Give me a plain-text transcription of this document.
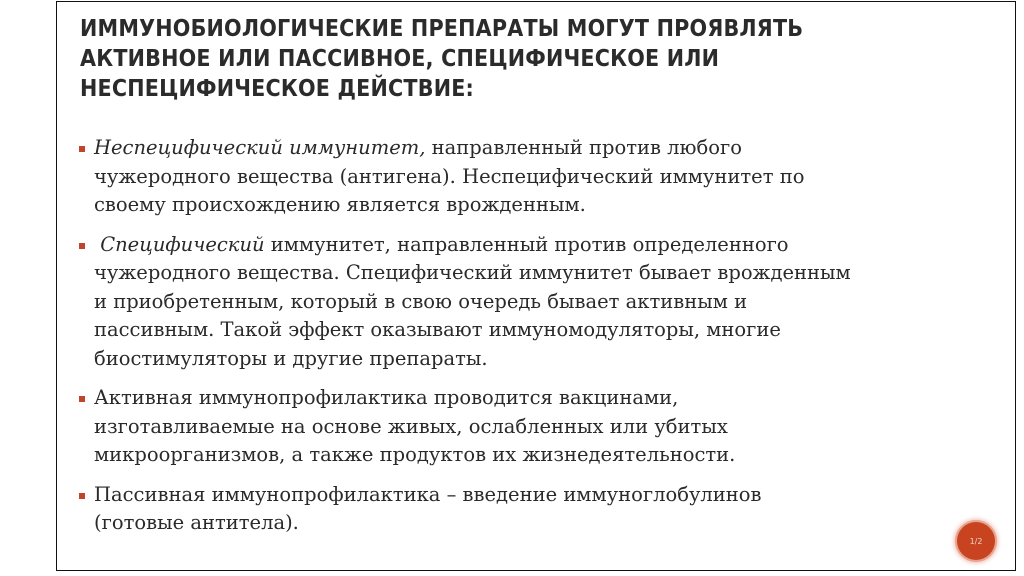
ИММУНОБИОЛОГИЧЕСКИЕ ПРЕПАРАТЫ МОГУТ ПРОЯВЛЯТЬ
АКТИВНОЕ ИЛИ ПАССИВНОЕ, СПЕЦИФИЧЕСКОЕ ИЛИ
НЕСПЕЦИФИЧЕСКОЕ ДЕЙСТВИЕ:
Неспецифический иммунитет, направленный против любого
чужеродного вещества (антигена). Неспецифический иммунитет по
своему происхождению является врожденным.
Специфический иммунитет, направленный против определенного
чужеродного вещества. Специфический иммунитет бывает врожденным
и приобретенным, который в свою очередь бывает активным и
пассивным. Такой эффект оказывают иммуномодуляторы, многие
биостимуляторы и другие препараты.
Активная иммунопрофилактика проводится вакцинами,
изготавливаемые на основе живых, ослабленных или убитых
микроорганизмов, а также продуктов их жизнедеятельности.
Пассивная иммунопрофилактика – введение иммуноглобулинов
(готовые антитела).
1/2
